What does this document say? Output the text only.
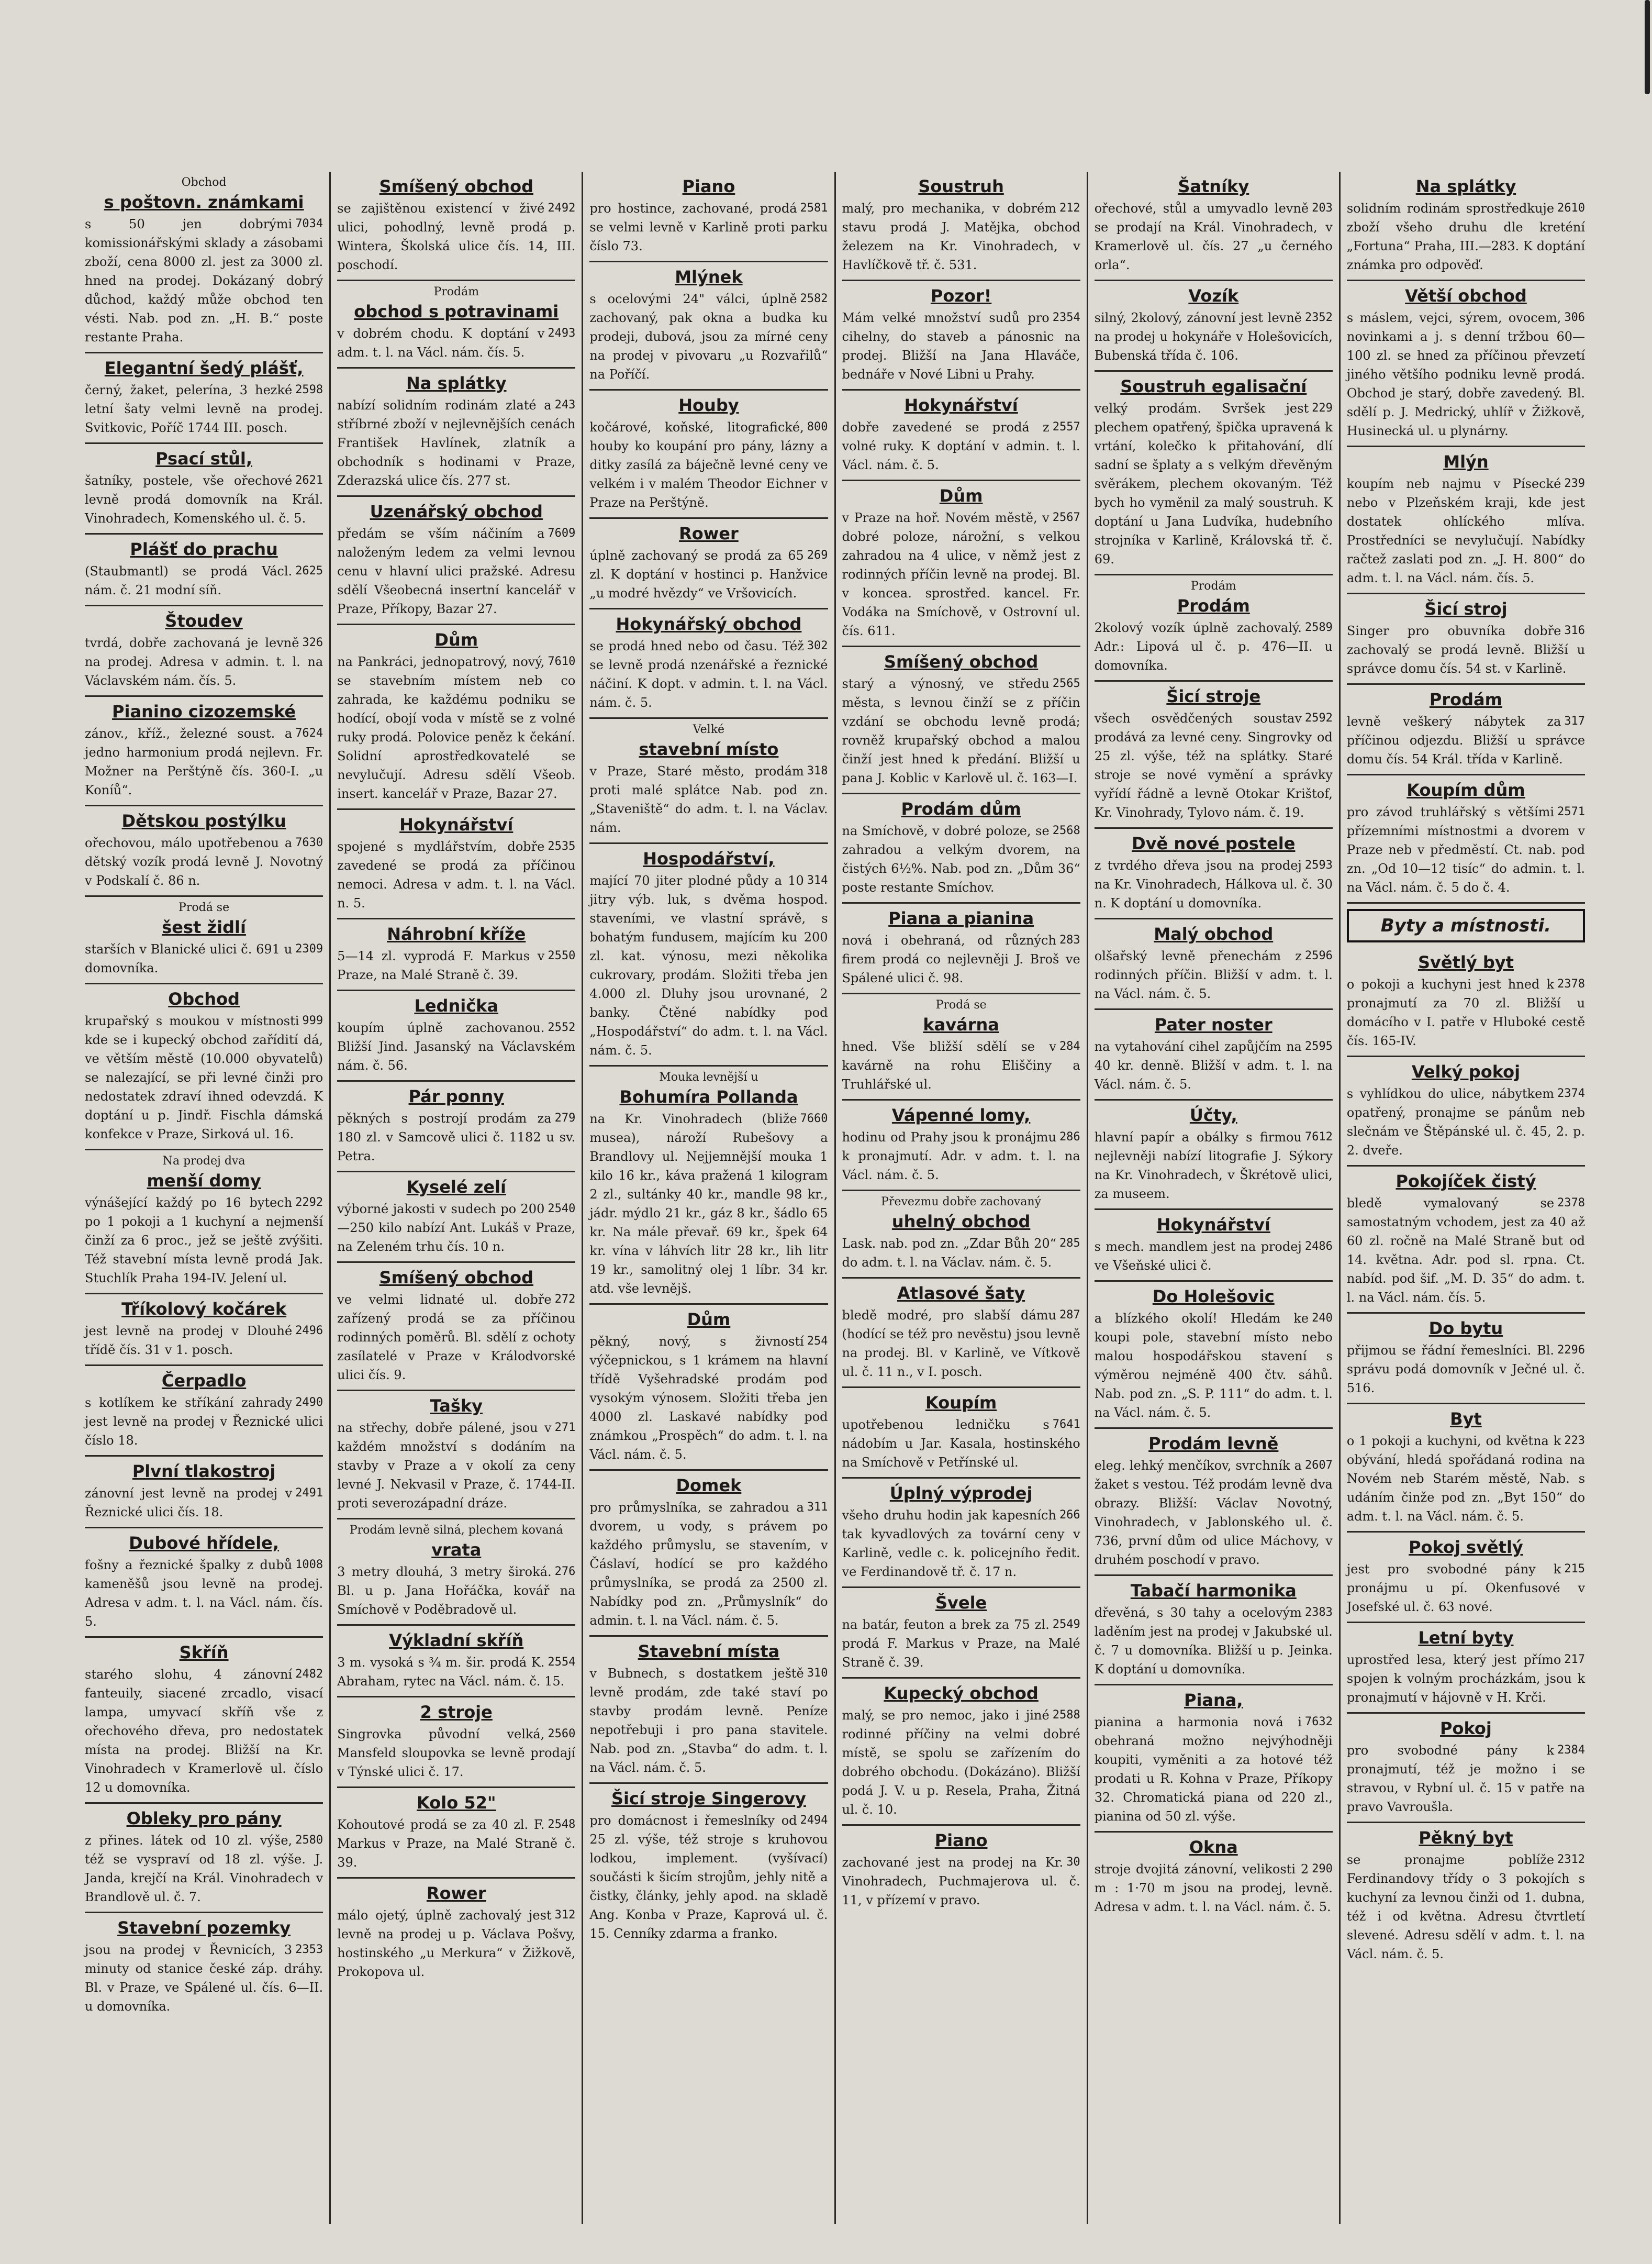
Obchod
s poštovn. známkami
7034
s 50 jen dobrými komissionářskými sklady a zásobami zboží, cena 8000 zl. jest za 3000 zl. hned na prodej. Dokázaný dobrý důchod, každý může obchod ten vésti. Nab. pod zn. „H. B.“ poste restante Praha.
Elegantní šedý plášť,
2598
černý, žaket, pelerína, 3 hezké letní šaty velmi levně na prodej. Svitkovic, Poříč 1744 III. posch.
Psací stůl,
2621
šatníky, postele, vše ořechové levně prodá domovník na Král. Vinohradech, Komenského ul. č. 5.
Plášť do prachu
2625
(Staubmantl) se prodá Václ. nám. č. 21 modní síň.
Štoudev
326
tvrdá, dobře zachovaná je levně na prodej. Adresa v admin. t. l. na Václavském nám. čís. 5.
Pianino cizozemské
7624
zánov., kříž., železné soust. a jedno harmonium prodá nejlevn. Fr. Možner na Perštýně čís. 360-I. „u Koníů“.
Dětskou postýlku
7630
ořechovou, málo upotřebenou a dětský vozík prodá levně J. Novotný v Podskalí č. 86 n.
Prodá se
šest židlí
2309
starších v Blanické ulici č. 691 u domovníka.
Obchod
999
krupařský s moukou v místnosti kde se i kupecký obchod zařídití dá, ve větším městě (10.000 obyvatelů) se nalezající, se při levné činži pro nedostatek zdraví ihned odevzdá. K doptání u p. Jindř. Fischla dámská konfekce v Praze, Sirková ul. 16.
Na prodej dva
menší domy
2292
výnášející každý po 16 bytech po 1 pokoji a 1 kuchyní a nejmenší činží za 6 proc., jež se ještě zvýšiti. Též stavební místa levně prodá Jak. Stuchlík Praha 194-IV. Jelení ul.
Tříkolový kočárek
2496
jest levně na prodej v Dlouhé třídě čís. 31 v 1. posch.
Čerpadlo
2490
s kotlíkem ke stříkání zahrady jest levně na prodej v Řeznické ulici číslo 18.
Plvní tlakostroj
2491
zánovní jest levně na prodej v Řeznické ulici čís. 18.
Dubové hřídele,
1008
fošny a řeznické špalky z dubů kameněšů jsou levně na prodej. Adresa v adm. t. l. na Václ. nám. čís. 5.
Skříň
2482
starého slohu, 4 zánovní fanteuily, siacené zrcadlo, visací lampa, umyvací skříň vše z ořechového dřeva, pro nedostatek místa na prodej. Bližší na Kr. Vinohradech v Kramerlově ul. číslo 12 u domovníka.
Obleky pro pány
2580
z přines. látek od 10 zl. výše, též se vyspraví od 18 zl. výše. J. Janda, krejčí na Král. Vinohradech v Brandlově ul. č. 7.
Stavební pozemky
2353
jsou na prodej v Řevnicích, 3 minuty od stanice české záp. dráhy. Bl. v Praze, ve Spálené ul. čís. 6—II. u domovníka.
Smíšený obchod
2492
se zajištěnou existencí v živé ulici, pohodlný, levně prodá p. Wintera, Školská ulice čís. 14, III. poschodí.
Prodám
obchod s potravinami
2493
v dobrém chodu. K doptání v adm. t. l. na Václ. nám. čís. 5.
Na splátky
243
nabízí solidním rodinám zlaté a stříbrné zboží v nejlevnějších cenách František Havlínek, zlatník a obchodník s hodinami v Praze, Zderazská ulice čís. 277 st.
Uzenářský obchod
7609
předám se vším náčiním a naloženým ledem za velmi levnou cenu v hlavní ulici pražské. Adresu sdělí Všeobecná insertní kancelář v Praze, Příkopy, Bazar 27.
Dům
7610
na Pankráci, jednopatrový, nový, se stavebním místem neb co zahrada, ke každému podniku se hodící, obojí voda v místě se z volné ruky prodá. Polovice peněz k čekání. Solidní aprostředkovatelé se nevylučují. Adresu sdělí Všeob. insert. kancelář v Praze, Bazar 27.
Hokynářství
2535
spojené s mydlářstvím, dobře zavedené se prodá za příčinou nemoci. Adresa v adm. t. l. na Václ. n. 5.
Náhrobní kříže
2550
5—14 zl. vyprodá F. Markus v Praze, na Malé Straně č. 39.
Lednička
2552
koupím úplně zachovanou. Bližší Jind. Jasanský na Václavském nám. č. 56.
Pár ponny
279
pěkných s postrojí prodám za 180 zl. v Samcově ulici č. 1182 u sv. Petra.
Kyselé zelí
2540
výborné jakosti v sudech po 200—250 kilo nabízí Ant. Lukáš v Praze, na Zeleném trhu čís. 10 n.
Smíšený obchod
272
ve velmi lidnaté ul. dobře zařízený prodá se za příčinou rodinných poměrů. Bl. sdělí z ochoty zasílatelé v Praze v Králodvorské ulici čís. 9.
Tašky
271
na střechy, dobře pálené, jsou v každém množství s dodáním na stavby v Praze a v okolí za ceny levné J. Nekvasil v Praze, č. 1744-II. proti severozápadní dráze.
Prodám levně silná, plechem kovaná
vrata
276
3 metry dlouhá, 3 metry široká. Bl. u p. Jana Hořáčka, kovář na Smíchově v Poděbradově ul.
Výkladní skříň
2554
3 m. vysoká s ¾ m. šir. prodá K. Abraham, rytec na Václ. nám. č. 15.
2 stroje
2560
Singrovka původní velká, Mansfeld sloupovka se levně prodají v Týnské ulici č. 17.
Kolo 52"
2548
Kohoutové prodá se za 40 zl. F. Markus v Praze, na Malé Straně č. 39.
Rower
312
málo ojetý, úplně zachovalý jest levně na prodej u p. Václava Pošvy, hostinského „u Merkura“ v Žižkově, Prokopova ul.
Piano
2581
pro hostince, zachované, prodá se velmi levně v Karlině proti parku číslo 73.
Mlýnek
2582
s ocelovými 24" válci, úplně zachovaný, pak okna a budka ku prodeji, dubová, jsou za mírné ceny na prodej v pivovaru „u Rozvařilů“ na Poříčí.
Houby
800
kočárové, koňské, litografické, houby ko koupání pro pány, lázny a ditky zasílá za báječně levné ceny ve velkém i v malém Theodor Eichner v Praze na Perštýně.
Rower
269
úplně zachovaný se prodá za 65 zl. K doptání v hostinci p. Hanžvice „u modré hvězdy“ ve Vršovicích.
Hokynářský obchod
302
se prodá hned nebo od času. Též se levně prodá nzenářské a řeznické náčiní. K dopt. v admin. t. l. na Václ. nám. č. 5.
Velké
stavební místo
318
v Praze, Staré město, prodám proti malé splátce Nab. pod zn. „Staveniště“ do adm. t. l. na Václav. nám.
Hospodářství,
314
mající 70 jiter plodné půdy a 10 jitry výb. luk, s dvěma hospod. staveními, ve vlastní správě, s bohatým fundusem, majícím ku 200 zl. kat. výnosu, mezi několika cukrovary, prodám. Složiti třeba jen 4.000 zl. Dluhy jsou urovnané, 2 banky. Čtěné nabídky pod „Hospodářství“ do adm. t. l. na Václ. nám. č. 5.
Mouka levnější u
Bohumíra Pollanda
7660
na Kr. Vinohradech (bliže musea), nároží Rubešovy a Brandlovy ul. Nejjemnější mouka 1 kilo 16 kr., káva pražená 1 kilogram 2 zl., sultánky 40 kr., mandle 98 kr., jádr. mýdlo 21 kr., gáz 8 kr., šádlo 65 kr. Na mále převař. 69 kr., špek 64 kr. vína v láhvích litr 28 kr., lih litr 19 kr., samolitný olej 1 líbr. 34 kr. atd. vše levnějš.
Dům
254
pěkný, nový, s živností výčepnickou, s 1 krámem na hlavní třídě Vyšehradské prodám pod vysokým výnosem. Složiti třeba jen 4000 zl. Laskavé nabídky pod známkou „Prospěch“ do adm. t. l. na Václ. nám. č. 5.
Domek
311
pro průmyslníka, se zahradou a dvorem, u vody, s právem po každého průmyslu, se stavením, v Čáslaví, hodící se pro každého průmyslníka, se prodá za 2500 zl. Nabídky pod zn. „Průmyslník“ do admin. t. l. na Václ. nám. č. 5.
Stavební místa
310
v Bubnech, s dostatkem ještě levně prodám, zde také staví po stavby prodám levně. Peníze nepotřebuji i pro pana stavitele. Nab. pod zn. „Stavba“ do adm. t. l. na Václ. nám. č. 5.
Šicí stroje Singerovy
2494
pro domácnost i řemeslníky od 25 zl. výše, též stroje s kruhovou lodkou, implement. (vyšívací) součásti k šicím strojům, jehly nitě a čistky, články, jehly apod. na skladě Ang. Konba v Praze, Kaprová ul. č. 15. Cenníky zdarma a franko.
Soustruh
212
malý, pro mechanika, v dobrém stavu prodá J. Matějka, obchod železem na Kr. Vinohradech, v Havlíčkově tř. č. 531.
Pozor!
2354
Mám velké množství sudů pro cihelny, do staveb a pánosnic na prodej. Bližší na Jana Hlaváče, bednáře v Nové Libni u Prahy.
Hokynářství
2557
dobře zavedené se prodá z volné ruky. K doptání v admin. t. l. Václ. nám. č. 5.
Dům
2567
v Praze na hoř. Novém městě, v dobré poloze, nárožní, s velkou zahradou na 4 ulice, v němž jest z rodinných příčin levně na prodej. Bl. v koncea. sprostřed. kancel. Fr. Vodáka na Smíchově, v Ostrovní ul. čís. 611.
Smíšený obchod
2565
starý a výnosný, ve středu města, s levnou činží se z příčin vzdání se obchodu levně prodá; rovněž krupařský obchod a malou činží jest hned k předání. Bližší u pana J. Koblic v Karlově ul. č. 163—I.
Prodám dům
2568
na Smíchově, v dobré poloze, se zahradou a velkým dvorem, na čistých 6½%. Nab. pod zn. „Dům 36“ poste restante Smíchov.
Piana a pianina
283
nová i obehraná, od různých firem prodá co nejlevněji J. Broš ve Spálené ulici č. 98.
Prodá se
kavárna
284
hned. Vše bližší sdělí se v kavárně na rohu Eliščiny a Truhlářské ul.
Vápenné lomy,
286
hodinu od Prahy jsou k pronájmu k pronajmutí. Adr. v adm. t. l. na Václ. nám. č. 5.
Převezmu dobře zachovaný
uhelný obchod
285
Lask. nab. pod zn. „Zdar Bůh 20“ do adm. t. l. na Václav. nám. č. 5.
Atlasové šaty
287
bledě modré, pro slabší dámu (hodící se též pro nevěstu) jsou levně na prodej. Bl. v Karlině, ve Vítkově ul. č. 11 n., v I. posch.
Koupím
7641
upotřebenou ledničku s nádobím u Jar. Kasala, hostinského na Smíchově v Petřínské ul.
Úplný výprodej
266
všeho druhu hodin jak kapesních tak kyvadlových za tovární ceny v Karlině, vedle c. k. policejního ředit. ve Ferdinandově tř. č. 17 n.
Švele
2549
na batár, feuton a brek za 75 zl. prodá F. Markus v Praze, na Malé Straně č. 39.
Kupecký obchod
2588
malý, se pro nemoc, jako i jiné rodinné příčiny na velmi dobré místě, se spolu se zařízením do dobrého obchodu. (Dokázáno). Bližší podá J. V. u p. Resela, Praha, Žitná ul. č. 10.
Piano
30
zachované jest na prodej na Kr. Vinohradech, Puchmajerova ul. č. 11, v přízemí v pravo.
Šatníky
203
ořechové, stůl a umyvadlo levně se prodají na Král. Vinohradech, v Kramerlově ul. čís. 27 „u černého orla“.
Vozík
2352
silný, 2kolový, zánovní jest levně na prodej u hokynáře v Holešovicích, Bubenská třída č. 106.
Soustruh egalisační
229
velký prodám. Svršek jest plechem opatřený, špička upravená k vrtání, kolečko k přitahování, dlí sadní se šplaty a s velkým dřevěným svěrákem, plechem okovaným. Též bych ho vyměnil za malý soustruh. K doptání u Jana Ludvíka, hudebního strojníka v Karlině, Královská tř. č. 69.
Prodám
Prodám
2589
2kolový vozík úplně zachovalý. Adr.: Lipová ul č. p. 476—II. u domovníka.
Šicí stroje
2592
všech osvědčených soustav prodává za levné ceny. Singrovky od 25 zl. výše, též na splátky. Staré stroje se nové vymění a správky vyřídí řádně a levně Otokar Krištof, Kr. Vinohrady, Tylovo nám. č. 19.
Dvě nové postele
2593
z tvrdého dřeva jsou na prodej na Kr. Vinohradech, Hálkova ul. č. 30 n. K doptání u domovníka.
Malý obchod
2596
olšařský levně přenechám z rodinných příčin. Bližší v adm. t. l. na Václ. nám. č. 5.
Pater noster
2595
na vytahování cihel zapůjčím na 40 kr. denně. Bližší v adm. t. l. na Václ. nám. č. 5.
Účty,
7612
hlavní papír a obálky s firmou nejlevněji nabízí litografie J. Sýkory na Kr. Vinohradech, v Škrétově ulici, za museem.
Hokynářství
2486
s mech. mandlem jest na prodej ve Všeňské ulici č.
Do Holešovic
240
a blízkého okolí! Hledám ke koupi pole, stavební místo nebo malou hospodářskou stavení s výměrou nejméně 400 čtv. sáhů. Nab. pod zn. „S. P. 111“ do adm. t. l. na Václ. nám. č. 5.
Prodám levně
2607
eleg. lehký menčíkov, svrchník a žaket s vestou. Též prodám levně dva obrazy. Bližší: Václav Novotný, Vinohradech, v Jablonského ul. č. 736, první dům od ulice Máchovy, v druhém poschodí v pravo.
Tabačí harmonika
2383
dřevěná, s 30 tahy a ocelovým laděním jest na prodej v Jakubské ul. č. 7 u domovníka. Bližší u p. Jeinka. K doptání u domovníka.
Piana,
7632
pianina a harmonia nová i obehraná možno nejvýhodněji koupiti, vyměniti a za hotové též prodati u R. Kohna v Praze, Příkopy 32. Chromatická piana od 220 zl., pianina od 50 zl. výše.
Okna
290
stroje dvojitá zánovní, velikosti 2 m : 1·70 m jsou na prodej, levně. Adresa v adm. t. l. na Václ. nám. č. 5.
Na splátky
2610
solidním rodinám sprostředkuje zboží všeho druhu dle kreténí „Fortuna“ Praha, III.—283. K doptání známka pro odpověď.
Větší obchod
306
s máslem, vejci, sýrem, ovocem, novinkami a j. s denní tržbou 60—100 zl. se hned za příčinou převzetí jiného většího podniku levně prodá. Obchod je starý, dobře zavedený. Bl. sdělí p. J. Medrický, uhlíř v Žižkově, Husinecká ul. u plynárny.
Mlýn
239
koupím neb najmu v Písecké nebo v Plzeňském kraji, kde jest dostatek ohlíckého mlíva. Prostředníci se nevylučují. Nabídky račtež zaslati pod zn. „J. H. 800“ do adm. t. l. na Václ. nám. čís. 5.
Šicí stroj
316
Singer pro obuvníka dobře zachovalý se prodá levně. Bližší u správce domu čís. 54 st. v Karlině.
Prodám
317
levně veškerý nábytek za příčinou odjezdu. Bližší u správce domu čís. 54 Král. třída v Karlině.
Koupím dům
2571
pro závod truhlářský s většími přízemními místnostmi a dvorem v Praze neb v předměstí. Ct. nab. pod zn. „Od 10—12 tisíc“ do admin. t. l. na Václ. nám. č. 5 do č. 4.
Byty a místnosti.
Světlý byt
2378
o pokoji a kuchyni jest hned k pronajmutí za 70 zl. Bližší u domácího v I. patře v Hluboké cestě čís. 165-IV.
Velký pokoj
2374
s vyhlídkou do ulice, nábytkem opatřený, pronajme se pánům neb slečnám ve Štěpánské ul. č. 45, 2. p. 2. dveře.
Pokojíček čistý
2378
bledě vymalovaný se samostatným vchodem, jest za 40 až 60 zl. ročně na Malé Straně but od 14. května. Adr. pod sl. rpna. Ct. nabíd. pod šif. „M. D. 35“ do adm. t. l. na Václ. nám. čís. 5.
Do bytu
2296
přijmou se řádní řemeslníci. Bl. správu podá domovník v Ječné ul. č. 516.
Byt
223
o 1 pokoji a kuchyni, od května k obývání, hledá spořádaná rodina na Novém neb Starém městě, Nab. s udáním činže pod zn. „Byt 150“ do adm. t. l. na Václ. nám. č. 5.
Pokoj světlý
215
jest pro svobodné pány k pronájmu u pí. Okenfusové v Josefské ul. č. 63 nové.
Letní byty
217
uprostřed lesa, který jest přímo spojen k volným procházkám, jsou k pronajmutí v hájovně v H. Krči.
Pokoj
2384
pro svobodné pány k pronajmutí, též je možno i se stravou, v Rybní ul. č. 15 v patře na pravo Vavroušla.
Pěkný byt
2312
se pronajme poblíže Ferdinandovy třídy o 3 pokojích s kuchyní za levnou činži od 1. dubna, též i od května. Adresu čtvrtletí slevené. Adresu sdělí v adm. t. l. na Václ. nám. č. 5.
